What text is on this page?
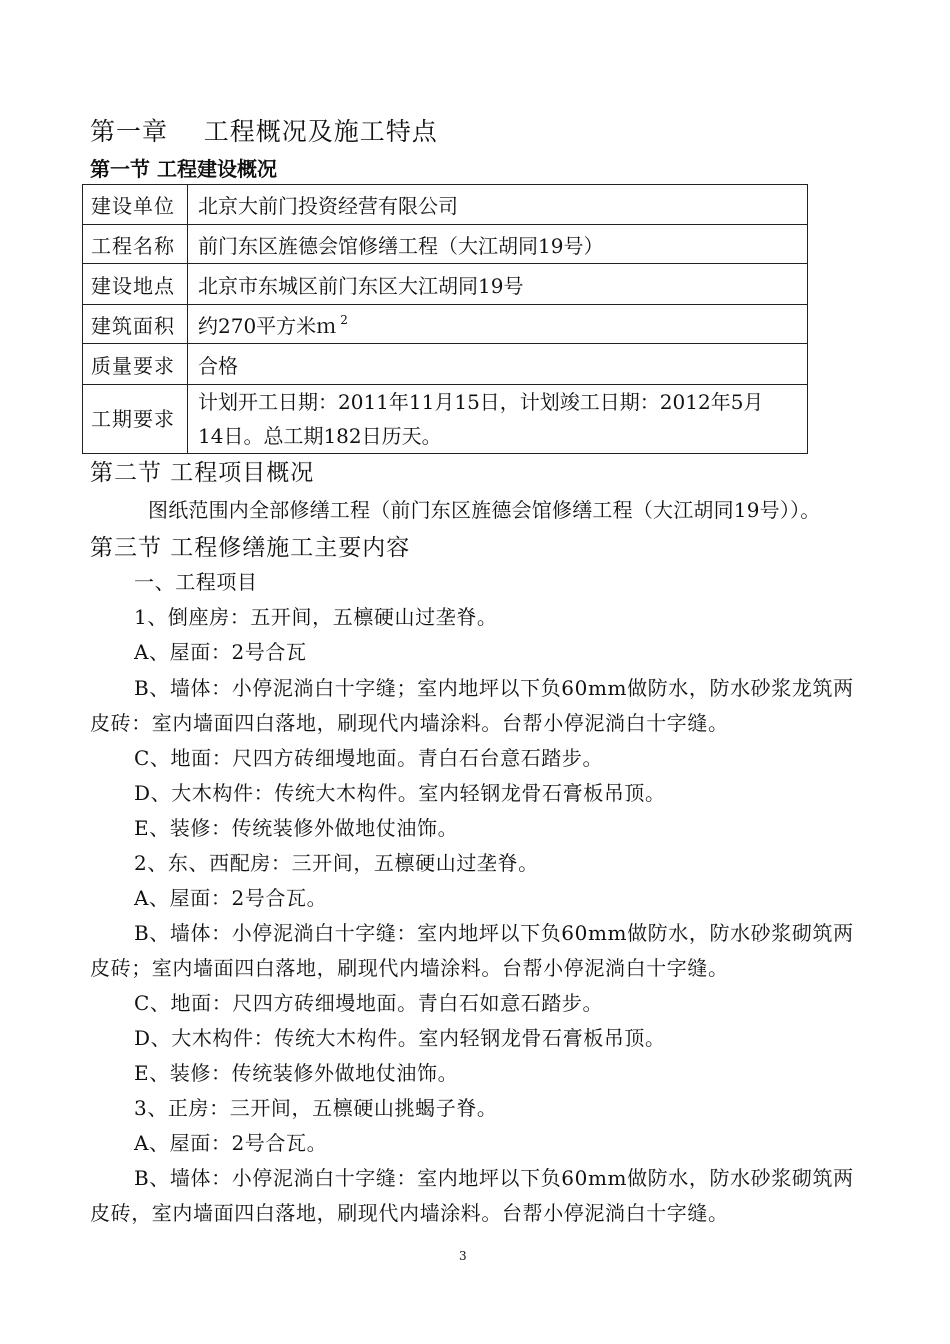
第一章    工程概况及施工特点
第一节 工程建设概况
建设单位	北京大前门投资经营有限公司
工程名称	前门东区旌德会馆修缮工程（大江胡同19号）
建设地点	北京市东城区前门东区大江胡同19号
建筑面积	约270平方米ｍ $^2$
质量要求	合格
工期要求	计划开工日期：2011年11月15日，计划竣工日期：2012年5月
14日。总工期182日历天。
第二节 工程项目概况
图纸范围内全部修缮工程（前门东区旌德会馆修缮工程（大江胡同19号））。
第三节 工程修缮施工主要内容
一、工程项目
1、倒座房：五开间，五檩硬山过垄脊。
A、屋面：2号合瓦
B、墙体：小停泥淌白十字缝；室内地坪以下负60mm做防水，防水砂浆龙筑两
皮砖：室内墙面四白落地，刷现代内墙涂料。台帮小停泥淌白十字缝。
C、地面：尺四方砖细墁地面。青白石台意石踏步。
D、大木构件：传统大木构件。室内轻钢龙骨石膏板吊顶。
E、装修：传统装修外做地仗油饰。
2、东、西配房：三开间，五檩硬山过垄脊。
A、屋面：2号合瓦。
B、墙体：小停泥淌白十字缝：室内地坪以下负60mm做防水，防水砂浆砌筑两
皮砖；室内墙面四白落地，刷现代内墙涂料。台帮小停泥淌白十字缝。
C、地面：尺四方砖细墁地面。青白石如意石踏步。
D、大木构件：传统大木构件。室内轻钢龙骨石膏板吊顶。
E、装修：传统装修外做地仗油饰。
3、正房：三开间，五檩硬山挑蝎子脊。
A、屋面：2号合瓦。
B、墙体：小停泥淌白十字缝：室内地坪以下负60mm做防水，防水砂浆砌筑两
皮砖，室内墙面四白落地，刷现代内墙涂料。台帮小停泥淌白十字缝。
3
